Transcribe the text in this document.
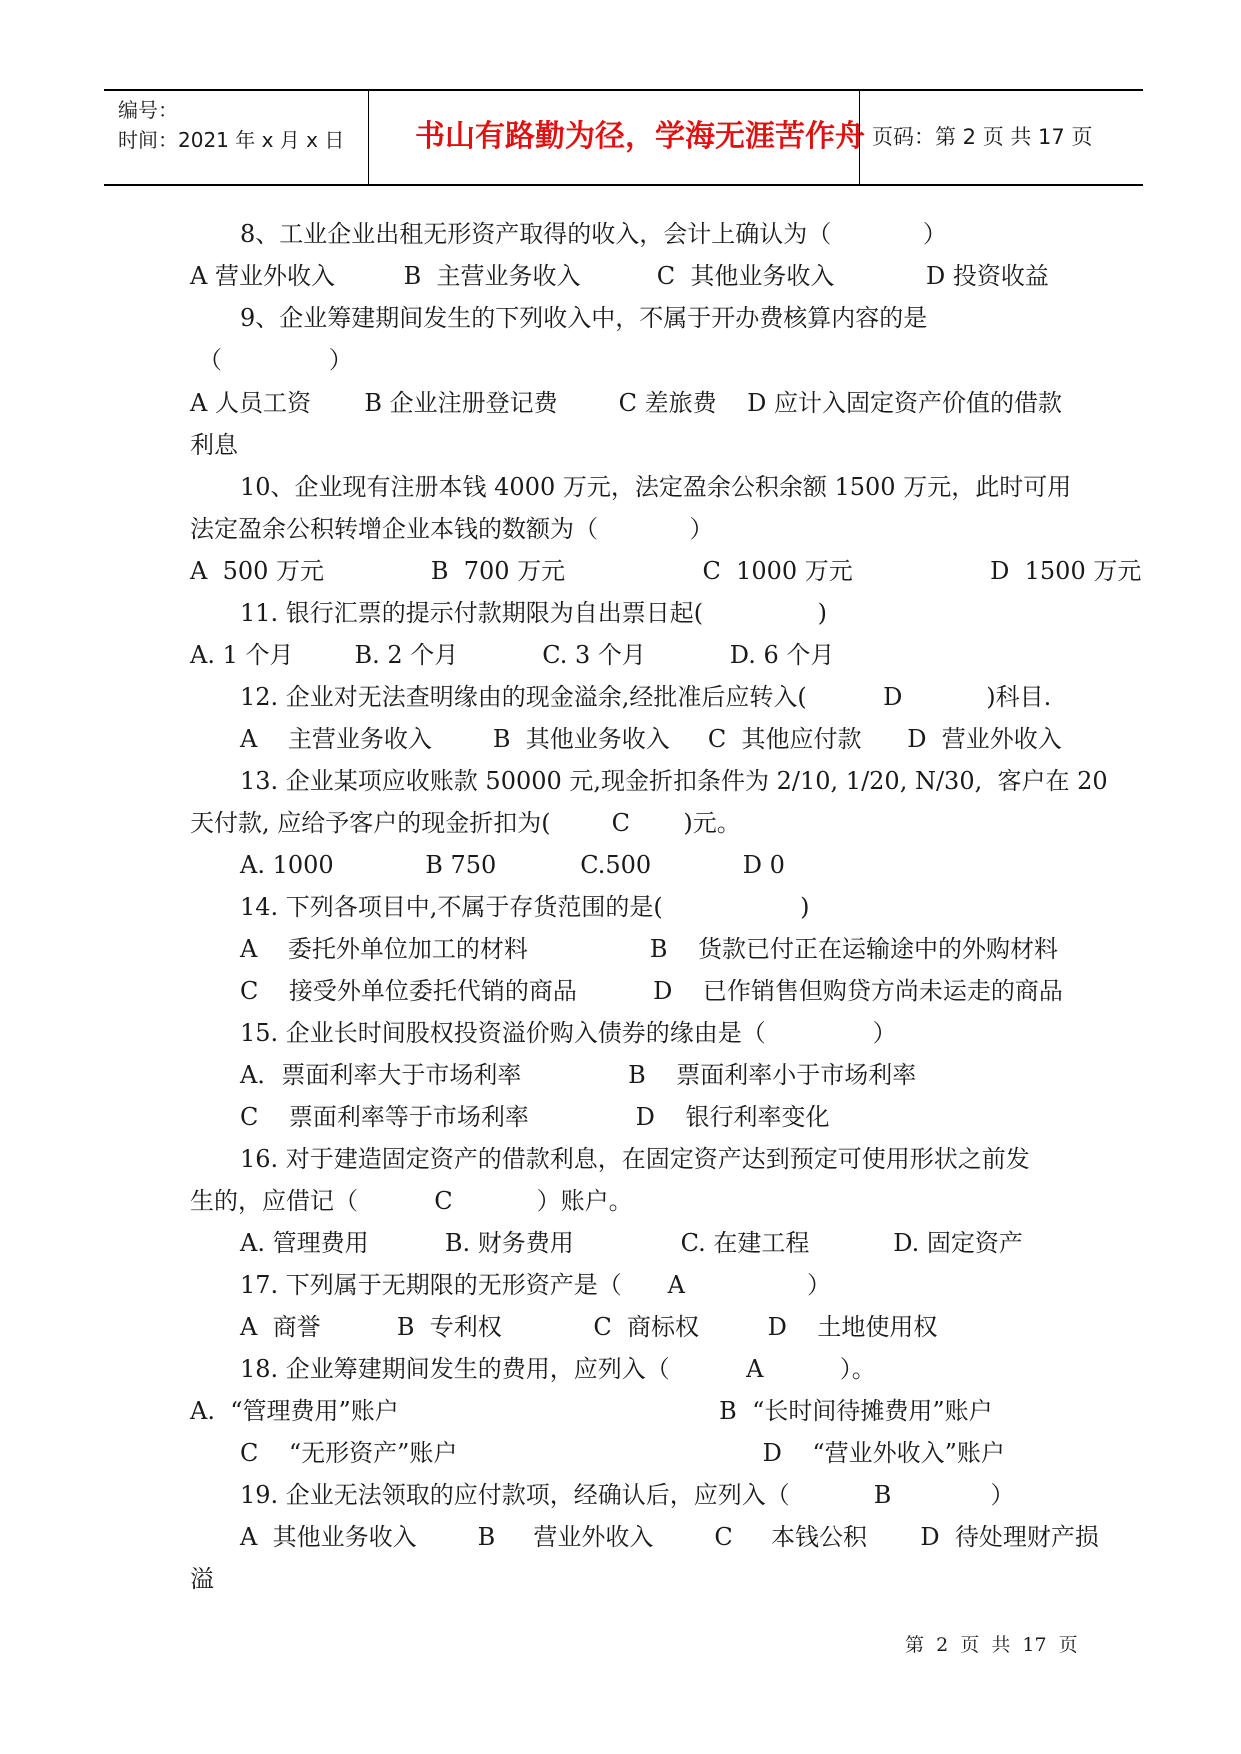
编号：
时间：2021 年 x 月 x 日	书山有路勤为径，学海无涯苦作舟 页码：第 2 页 共 17 页
8、工业企业出租无形资产取得的收入，会计上确认为（            ）
A 营业外收入         B  主营业务收入          C  其他业务收入            D 投资收益
9、企业筹建期间发生的下列收入中，不属于开办费核算内容的是
（              ）
A 人员工资       B 企业注册登记费        C 差旅费    D 应计入固定资产价值的借款
利息
10、企业现有注册本钱 4000 万元，法定盈余公积余额 1500 万元，此时可用
法定盈余公积转增企业本钱的数额为（            ）
A  500 万元              B  700 万元                  C  1000 万元                  D  1500 万元
11. 银行汇票的提示付款期限为自出票日起(               )
A. 1 个月        B. 2 个月           C. 3 个月           D. 6 个月
12. 企业对无法查明缘由的现金溢余,经批准后应转入(          D           )科目.
A    主营业务收入        B  其他业务收入     C  其他应付款      D  营业外收入
13. 企业某项应收账款 50000 元,现金折扣条件为 2/10, 1/20, N/30,  客户在 20
天付款, 应给予客户的现金折扣为(        C       )元。
A. 1000            B 750           C.500            D 0
14. 下列各项目中,不属于存货范围的是(                  )
A    委托外单位加工的材料                B    货款已付正在运输途中的外购材料
C    接受外单位委托代销的商品          D    已作销售但购贷方尚未运走的商品
15. 企业长时间股权投资溢价购入债券的缘由是（              ）
A．票面利率大于市场利率              B    票面利率小于市场利率
C    票面利率等于市场利率              D    银行利率变化
16. 对于建造固定资产的借款利息，在固定资产达到预定可使用形状之前发
生的，应借记（          C           ）账户。
A. 管理费用          B. 财务费用              C. 在建工程           D. 固定资产
17. 下列属于无期限的无形资产是（      A                ）
A  商誉          B  专利权            C  商标权         D    土地使用权
18. 企业筹建期间发生的费用，应列入（          A          ）。
A.  “管理费用”账户                                          B  “长时间待摊费用”账户
C    “无形资产”账户                                        D    “营业外收入”账户
19. 企业无法领取的应付款项，经确认后，应列入（           B             ）
A  其他业务收入        B     营业外收入        C     本钱公积       D  待处理财产损
溢
第  2  页  共  17  页
